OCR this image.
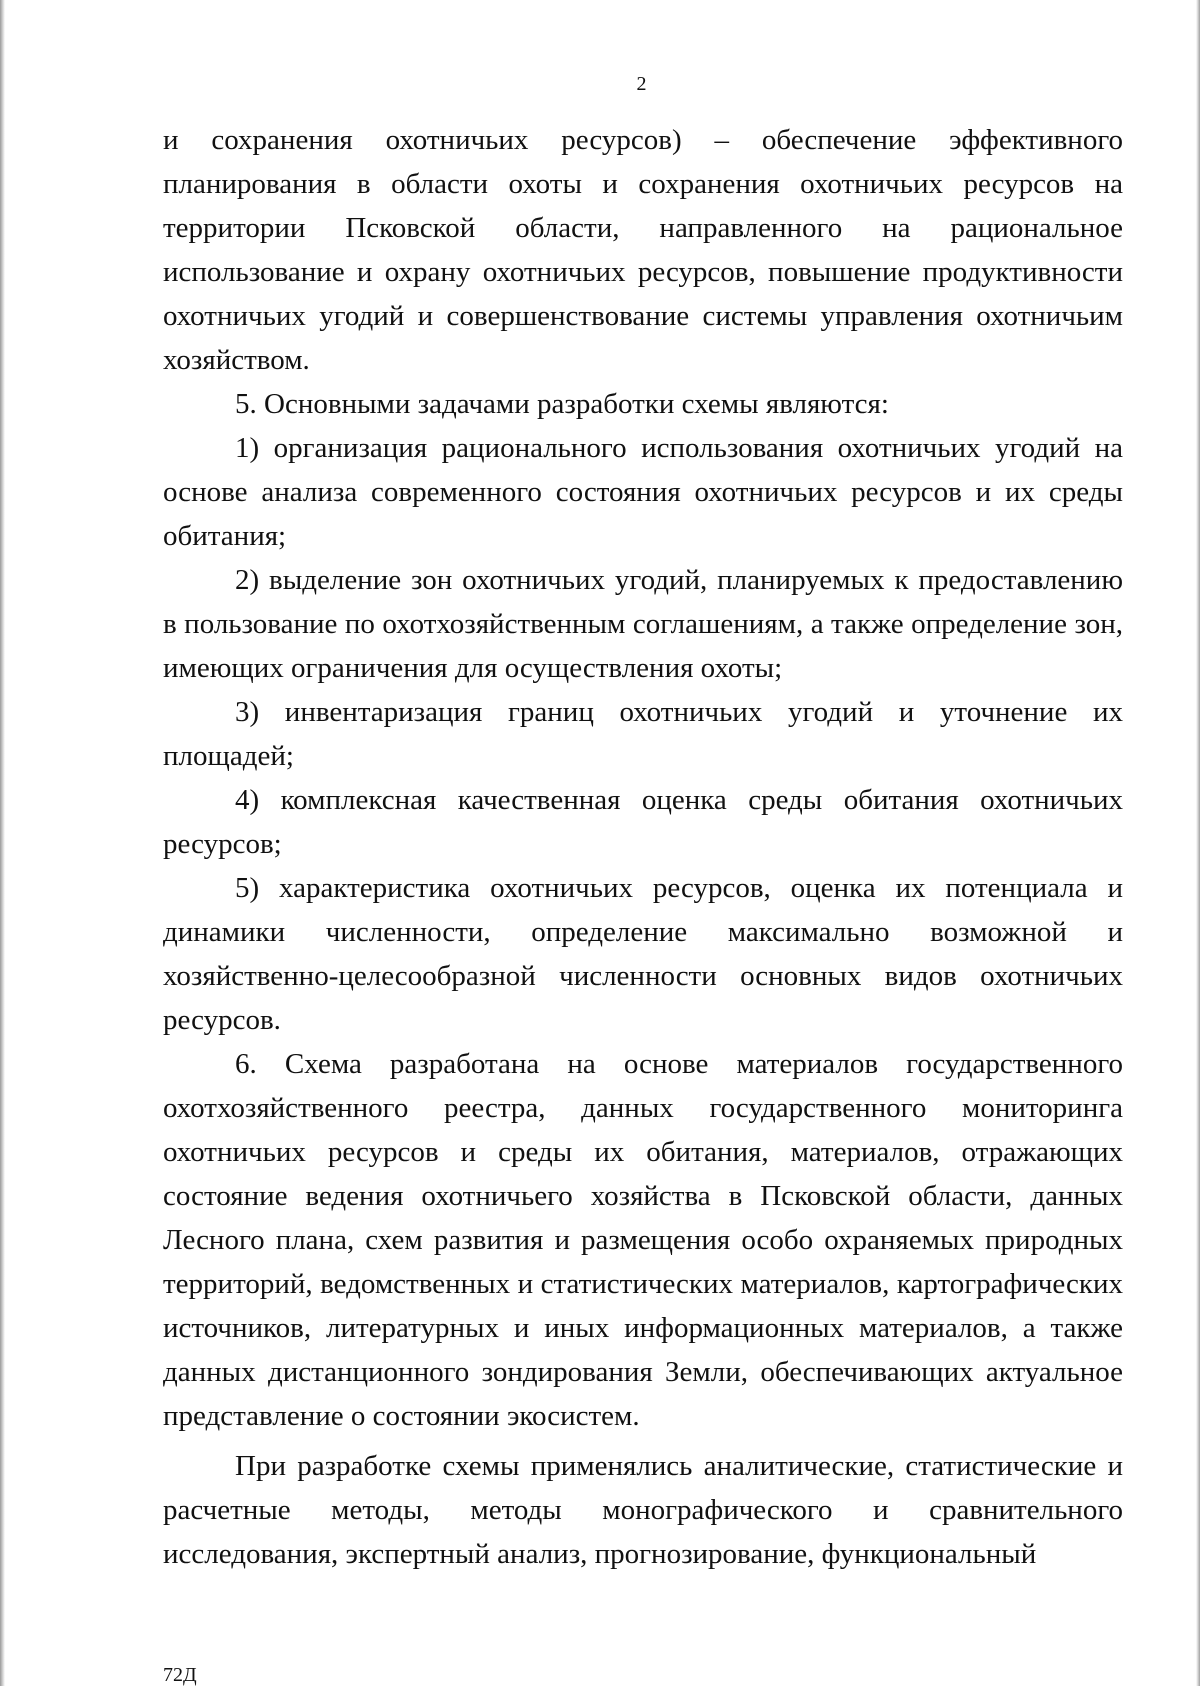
2

и сохранения охотничьих ресурсов) – обеспечение эффективного планирования в области охоты и сохранения охотничьих ресурсов на территории Псковской области, направленного на рациональное использование и охрану охотничьих ресурсов, повышение продуктивности охотничьих угодий и совершенствование системы управления охотничьим хозяйством.

5. Основными задачами разработки схемы являются:

1) организация рационального использования охотничьих угодий на основе анализа современного состояния охотничьих ресурсов и их среды обитания;

2) выделение зон охотничьих угодий, планируемых к предоставлению в пользование по охотхозяйственным соглашениям, а также определение зон, имеющих ограничения для осуществления охоты;

3) инвентаризация границ охотничьих угодий и уточнение их площадей;

4) комплексная качественная оценка среды обитания охотничьих ресурсов;

5) характеристика охотничьих ресурсов, оценка их потенциала и динамики численности, определение максимально возможной и хозяйственно-целесообразной численности основных видов охотничьих ресурсов.

6. Схема разработана на основе материалов государственного охотхозяйственного реестра, данных государственного мониторинга охотничьих ресурсов и среды их обитания, материалов, отражающих состояние ведения охотничьего хозяйства в Псковской области, данных Лесного плана, схем развития и размещения особо охраняемых природных территорий, ведомственных и статистических материалов, картографических источников, литературных и иных информационных материалов, а также данных дистанционного зондирования Земли, обеспечивающих актуальное представление о состоянии экосистем.

При разработке схемы применялись аналитические, статистические и расчетные методы, методы монографического и сравнительного исследования, экспертный анализ, прогнозирование, функциональный

72Д
